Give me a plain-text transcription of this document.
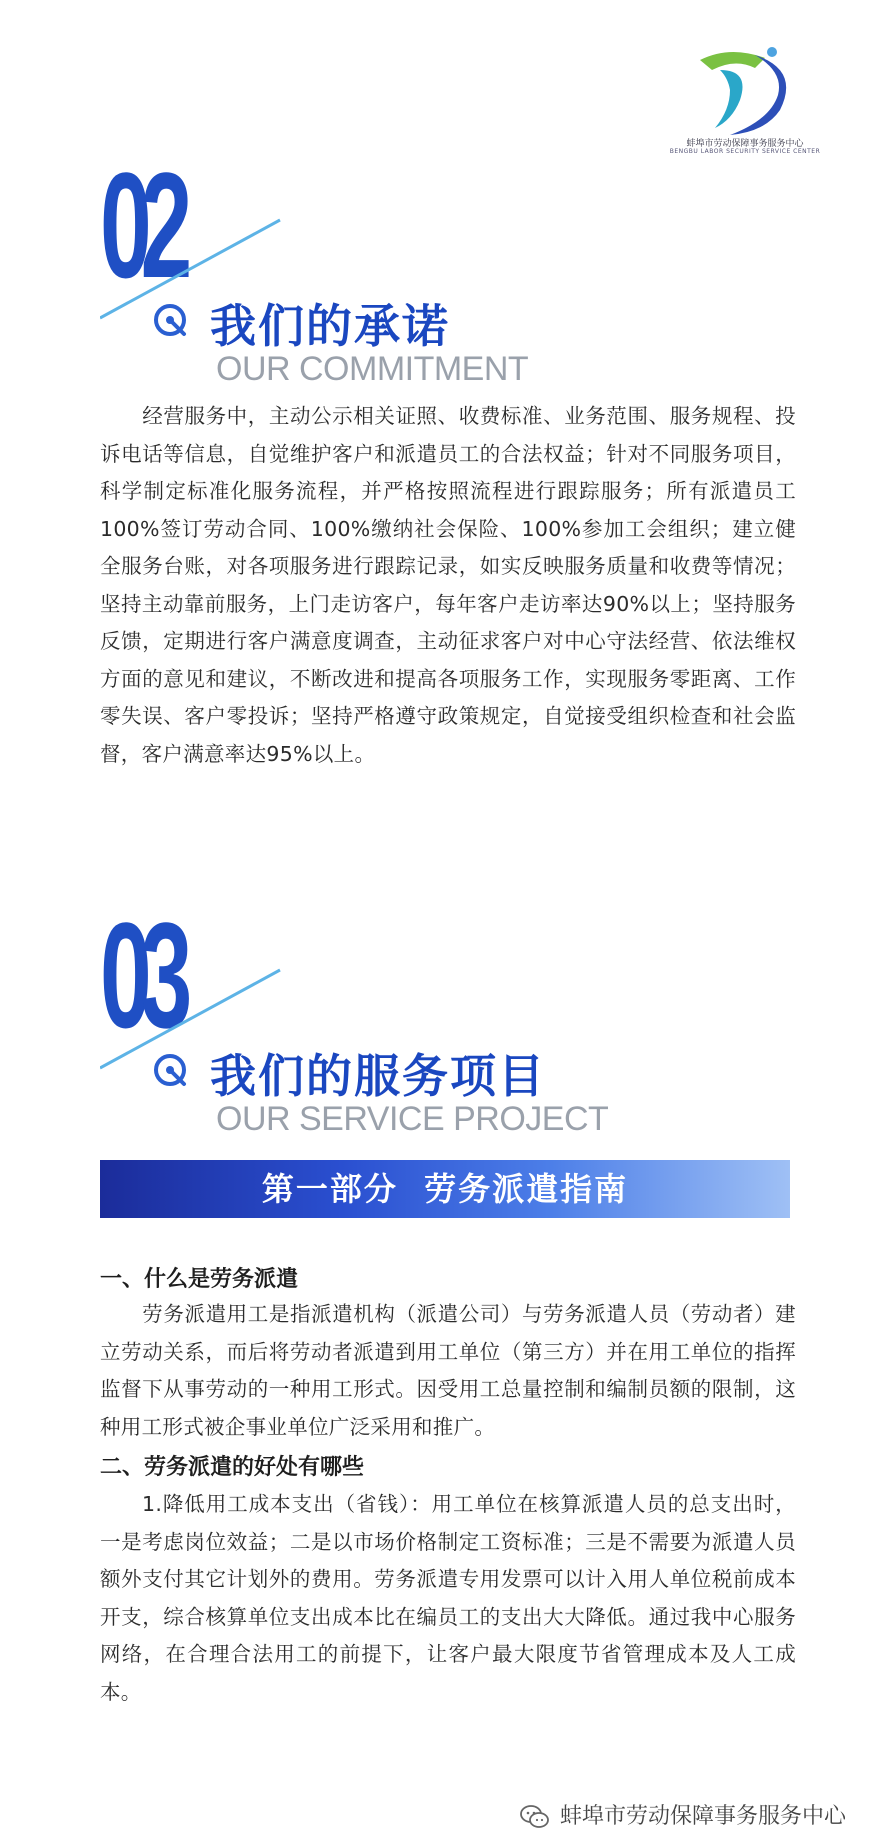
蚌埠市劳动保障事务服务中心
BENGBU LABOR SECURITY SERVICE CENTER
02
我们的承诺
OUR COMMITMENT

经营服务中，主动公示相关证照、收费标准、业务范围、服务规程、投诉电话等信息，自觉维护客户和派遣员工的合法权益；针对不同服务项目，科学制定标准化服务流程，并严格按照流程进行跟踪服务；所有派遣员工100%签订劳动合同、100%缴纳社会保险、100%参加工会组织；建立健全服务台账，对各项服务进行跟踪记录，如实反映服务质量和收费等情况；坚持主动靠前服务，上门走访客户，每年客户走访率达90%以上；坚持服务反馈，定期进行客户满意度调查，主动征求客户对中心守法经营、依法维权方面的意见和建议，不断改进和提高各项服务工作，实现服务零距离、工作零失误、客户零投诉；坚持严格遵守政策规定，自觉接受组织检查和社会监督，客户满意率达95%以上。

03
我们的服务项目
OUR SERVICE PROJECT
第一部分  劳务派遣指南
一、什么是劳务派遣

劳务派遣用工是指派遣机构（派遣公司）与劳务派遣人员（劳动者）建立劳动关系，而后将劳动者派遣到用工单位（第三方）并在用工单位的指挥监督下从事劳动的一种用工形式。因受用工总量控制和编制员额的限制，这种用工形式被企事业单位广泛采用和推广。

二、劳务派遣的好处有哪些

1.降低用工成本支出（省钱）：用工单位在核算派遣人员的总支出时，一是考虑岗位效益；二是以市场价格制定工资标准；三是不需要为派遣人员额外支付其它计划外的费用。劳务派遣专用发票可以计入用人单位税前成本开支，综合核算单位支出成本比在编员工的支出大大降低。通过我中心服务网络，在合理合法用工的前提下，让客户最大限度节省管理成本及人工成本。

蚌埠市劳动保障事务服务中心
